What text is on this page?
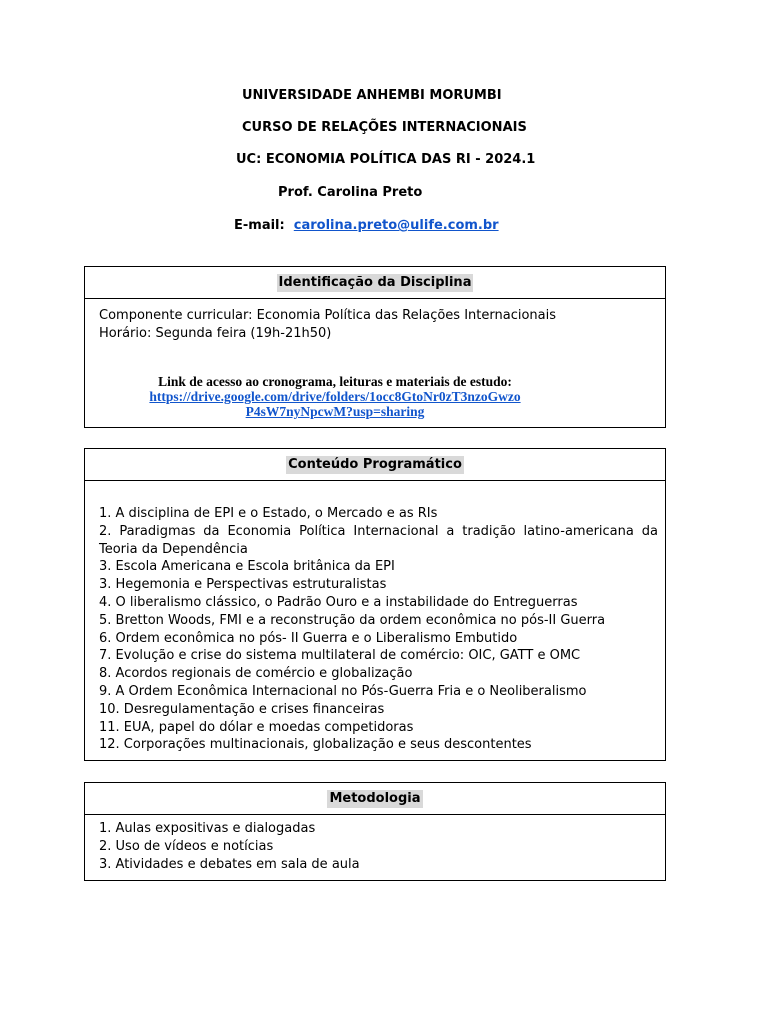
UNIVERSIDADE ANHEMBI MORUMBI
CURSO DE RELAÇÕES INTERNACIONAIS
UC: ECONOMIA POLÍTICA DAS RI - 2024.1
Prof. Carolina Preto
E-mail: carolina.preto@ulife.com.br
Identificação da Disciplina
Componente curricular: Economia Política das Relações Internacionais
Horário: Segunda feira (19h-21h50)
Link de acesso ao cronograma, leituras e materiais de estudo:
https://drive.google.com/drive/folders/1occ8GtoNr0zT3nzoGwzo
P4sW7nyNpcwM?usp=sharing
Conteúdo Programático
1. A disciplina de EPI e o Estado, o Mercado e as RIs
2. Paradigmas da Economia Política Internacional a tradição latino-americana da Teoria da Dependência
3. Escola Americana e Escola britânica da EPI
3. Hegemonia e Perspectivas estruturalistas
4. O liberalismo clássico, o Padrão Ouro e a instabilidade do Entreguerras
5. Bretton Woods, FMI e a reconstrução da ordem econômica no pós-II Guerra
6. Ordem econômica no pós- II Guerra e o Liberalismo Embutido
7. Evolução e crise do sistema multilateral de comércio: OIC, GATT e OMC
8. Acordos regionais de comércio e globalização
9. A Ordem Econômica Internacional no Pós-Guerra Fria e o Neoliberalismo
10. Desregulamentação e crises financeiras
11. EUA, papel do dólar e moedas competidoras
12. Corporações multinacionais, globalização e seus descontentes
Metodologia
1. Aulas expositivas e dialogadas
2. Uso de vídeos e notícias
3. Atividades e debates em sala de aula
